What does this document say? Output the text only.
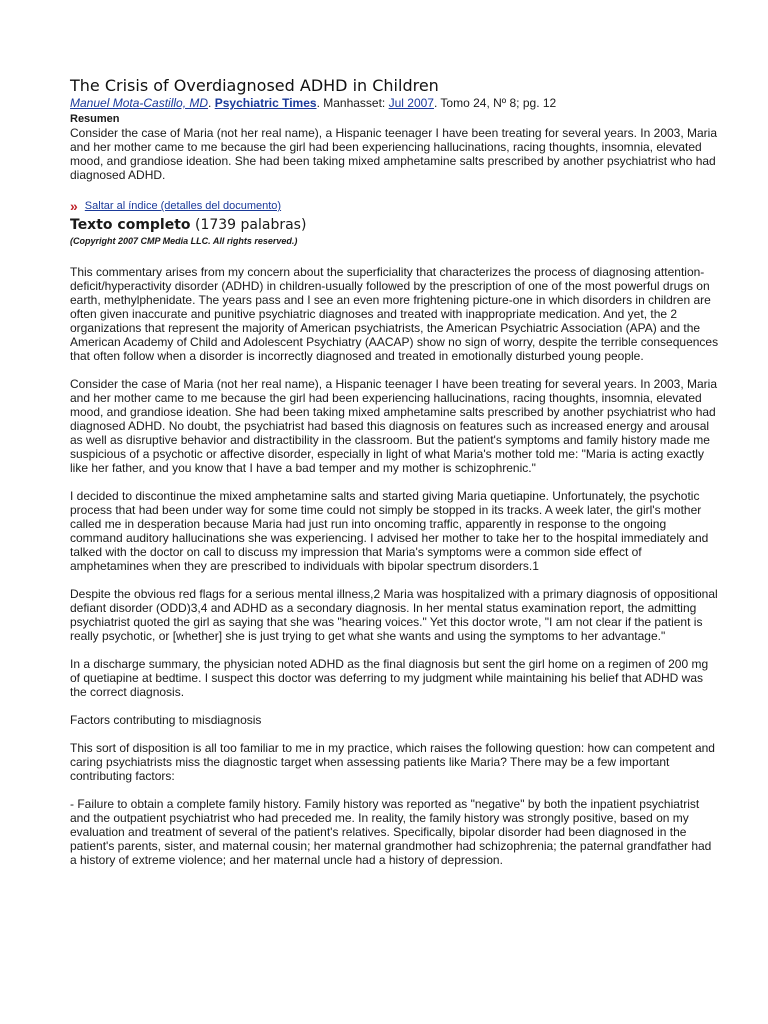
The Crisis of Overdiagnosed ADHD in Children
Manuel Mota-Castillo, MD. Psychiatric Times. Manhasset: Jul 2007. Tomo 24, Nº 8; pg. 12
Resumen

Consider the case of Maria (not her real name), a Hispanic teenager I have been treating for several years. In 2003, Maria and her mother came to me because the girl had been experiencing hallucinations, racing thoughts, insomnia, elevated mood, and grandiose ideation. She had been taking mixed amphetamine salts prescribed by another psychiatrist who had diagnosed ADHD.

» Saltar al índice (detalles del documento)
Texto completo (1739 palabras)
(Copyright 2007 CMP Media LLC. All rights reserved.)

This commentary arises from my concern about the superficiality that characterizes the process of diagnosing attention-deficit/hyperactivity disorder (ADHD) in children-usually followed by the prescription of one of the most powerful drugs on earth, methylphenidate. The years pass and I see an even more frightening picture-one in which disorders in children are often given inaccurate and punitive psychiatric diagnoses and treated with inappropriate medication. And yet, the 2 organizations that represent the majority of American psychiatrists, the American Psychiatric Association (APA) and the American Academy of Child and Adolescent Psychiatry (AACAP) show no sign of worry, despite the terrible consequences that often follow when a disorder is incorrectly diagnosed and treated in emotionally disturbed young people.

Consider the case of Maria (not her real name), a Hispanic teenager I have been treating for several years. In 2003, Maria and her mother came to me because the girl had been experiencing hallucinations, racing thoughts, insomnia, elevated mood, and grandiose ideation. She had been taking mixed amphetamine salts prescribed by another psychiatrist who had diagnosed ADHD. No doubt, the psychiatrist had based this diagnosis on features such as increased energy and arousal as well as disruptive behavior and distractibility in the classroom. But the patient's symptoms and family history made me suspicious of a psychotic or affective disorder, especially in light of what Maria's mother told me: "Maria is acting exactly like her father, and you know that I have a bad temper and my mother is schizophrenic."

I decided to discontinue the mixed amphetamine salts and started giving Maria quetiapine. Unfortunately, the psychotic process that had been under way for some time could not simply be stopped in its tracks. A week later, the girl's mother called me in desperation because Maria had just run into oncoming traffic, apparently in response to the ongoing command auditory hallucinations she was experiencing. I advised her mother to take her to the hospital immediately and talked with the doctor on call to discuss my impression that Maria's symptoms were a common side effect of amphetamines when they are prescribed to individuals with bipolar spectrum disorders.1

Despite the obvious red flags for a serious mental illness,2 Maria was hospitalized with a primary diagnosis of oppositional defiant disorder (ODD)3,4 and ADHD as a secondary diagnosis. In her mental status examination report, the admitting psychiatrist quoted the girl as saying that she was "hearing voices." Yet this doctor wrote, "I am not clear if the patient is really psychotic, or [whether] she is just trying to get what she wants and using the symptoms to her advantage."

In a discharge summary, the physician noted ADHD as the final diagnosis but sent the girl home on a regimen of 200 mg of quetiapine at bedtime. I suspect this doctor was deferring to my judgment while maintaining his belief that ADHD was the correct diagnosis.

Factors contributing to misdiagnosis

This sort of disposition is all too familiar to me in my practice, which raises the following question: how can competent and caring psychiatrists miss the diagnostic target when assessing patients like Maria? There may be a few important contributing factors:

- Failure to obtain a complete family history. Family history was reported as "negative" by both the inpatient psychiatrist and the outpatient psychiatrist who had preceded me. In reality, the family history was strongly positive, based on my evaluation and treatment of several of the patient's relatives. Specifically, bipolar disorder had been diagnosed in the patient's parents, sister, and maternal cousin; her maternal grandmother had schizophrenia; the paternal grandfather had a history of extreme violence; and her maternal uncle had a history of depression.
